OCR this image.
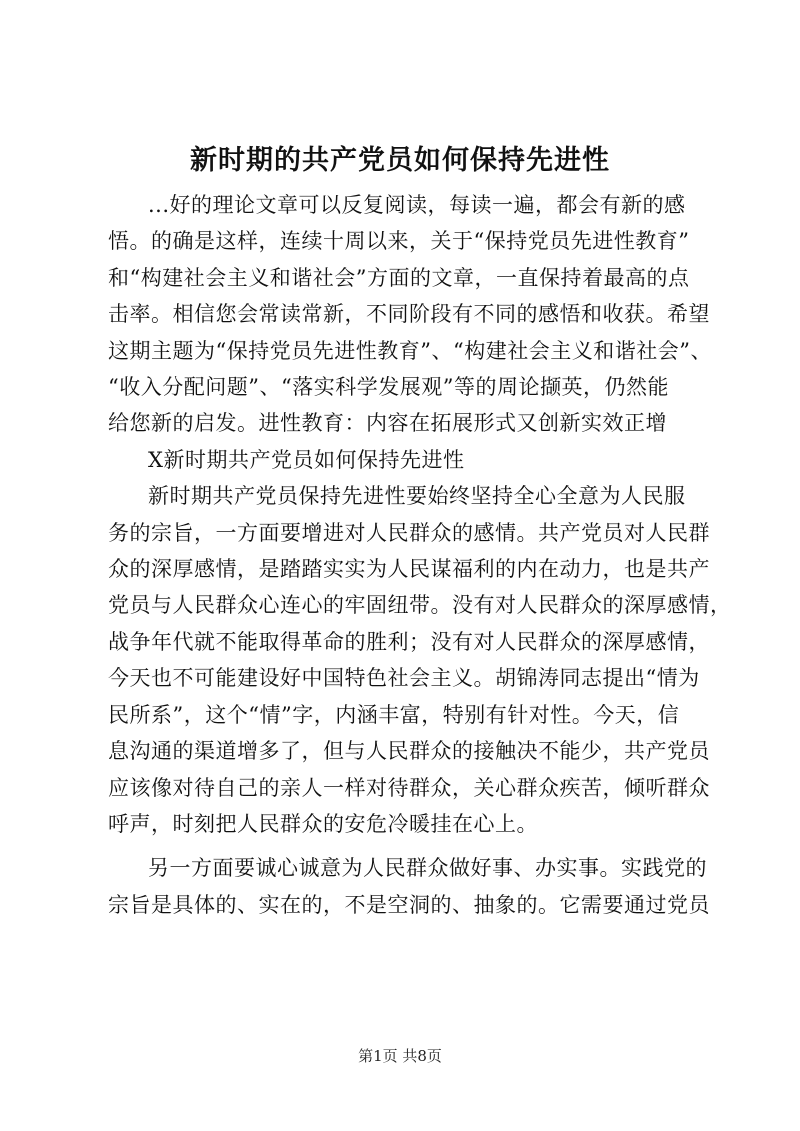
新时期的共产党员如何保持先进性
...好的理论文章可以反复阅读，每读一遍，都会有新的感
悟。的确是这样，连续十周以来，关于“保持党员先进性教育”
和“构建社会主义和谐社会”方面的文章，一直保持着最高的点
击率。相信您会常读常新，不同阶段有不同的感悟和收获。希望
这期主题为“保持党员先进性教育”、“构建社会主义和谐社会”、
“收入分配问题”、“落实科学发展观”等的周论撷英，仍然能
给您新的启发。进性教育：内容在拓展形式又创新实效正增
X新时期共产党员如何保持先进性
新时期共产党员保持先进性要始终坚持全心全意为人民服
务的宗旨，一方面要增进对人民群众的感情。共产党员对人民群
众的深厚感情，是踏踏实实为人民谋福利的内在动力，也是共产
党员与人民群众心连心的牢固纽带。没有对人民群众的深厚感情，
战争年代就不能取得革命的胜利；没有对人民群众的深厚感情，
今天也不可能建设好中国特色社会主义。胡锦涛同志提出“情为
民所系”，这个“情”字，内涵丰富，特别有针对性。今天，信
息沟通的渠道增多了，但与人民群众的接触决不能少，共产党员
应该像对待自己的亲人一样对待群众，关心群众疾苦，倾听群众
呼声，时刻把人民群众的安危冷暖挂在心上。
另一方面要诚心诚意为人民群众做好事、办实事。实践党的
宗旨是具体的、实在的，不是空洞的、抽象的。它需要通过党员
第1页 共8页
